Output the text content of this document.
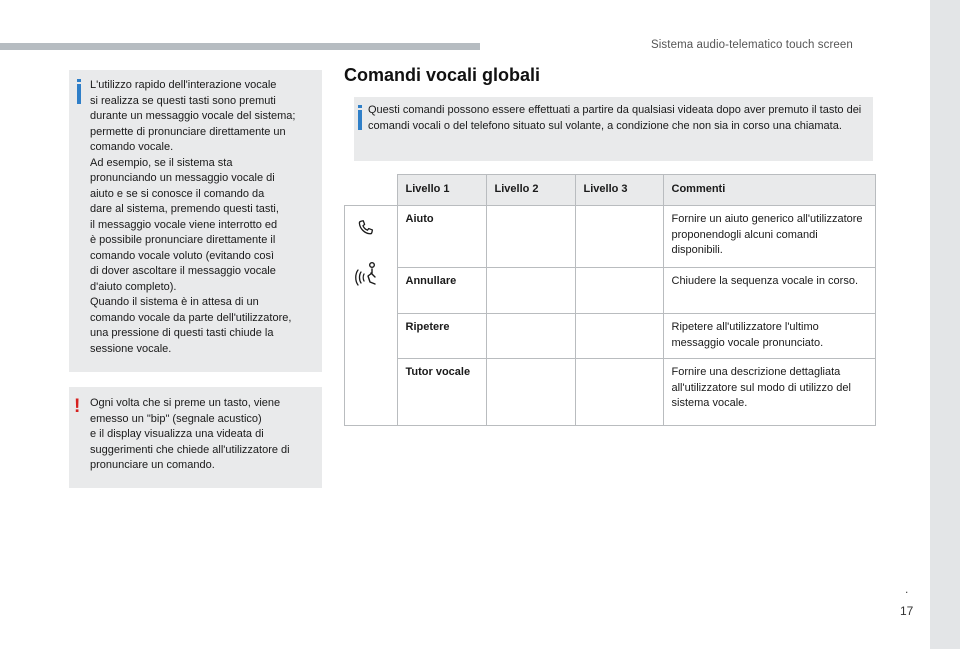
Sistema audio-telematico touch screen
L'utilizzo rapido dell'interazione vocale
si realizza se questi tasti sono premuti
durante un messaggio vocale del sistema;
permette di pronunciare direttamente un
comando vocale.
Ad esempio, se il sistema sta
pronunciando un messaggio vocale di
aiuto e se si conosce il comando da
dare al sistema, premendo questi tasti,
il messaggio vocale viene interrotto ed
è possibile pronunciare direttamente il
comando vocale voluto (evitando così
di dover ascoltare il messaggio vocale
d'aiuto completo).
Quando il sistema è in attesa di un
comando vocale da parte dell'utilizzatore,
una pressione di questi tasti chiude la
sessione vocale.
! Ogni volta che si preme un tasto, viene
emesso un "bip" (segnale acustico)
e il display visualizza una videata di
suggerimenti che chiede all'utilizzatore di
pronunciare un comando.
Comandi vocali globali
Questi comandi possono essere effettuati a partire da qualsiasi videata dopo aver premuto il tasto dei comandi vocali o del telefono situato sul volante, a condizione che non sia in corso una chiamata.
	Livello 1	Livello 2	Livello 3	Commenti

	Aiuto			Fornire un aiuto generico all'utilizzatore proponendogli alcuni comandi disponibili.
	Annullare			Chiudere la sequenza vocale in corso.
	Ripetere			Ripetere all'utilizzatore l'ultimo messaggio vocale pronunciato.
	Tutor vocale			Fornire una descrizione dettagliata all'utilizzatore sul modo di utilizzo del sistema vocale.
.
17
